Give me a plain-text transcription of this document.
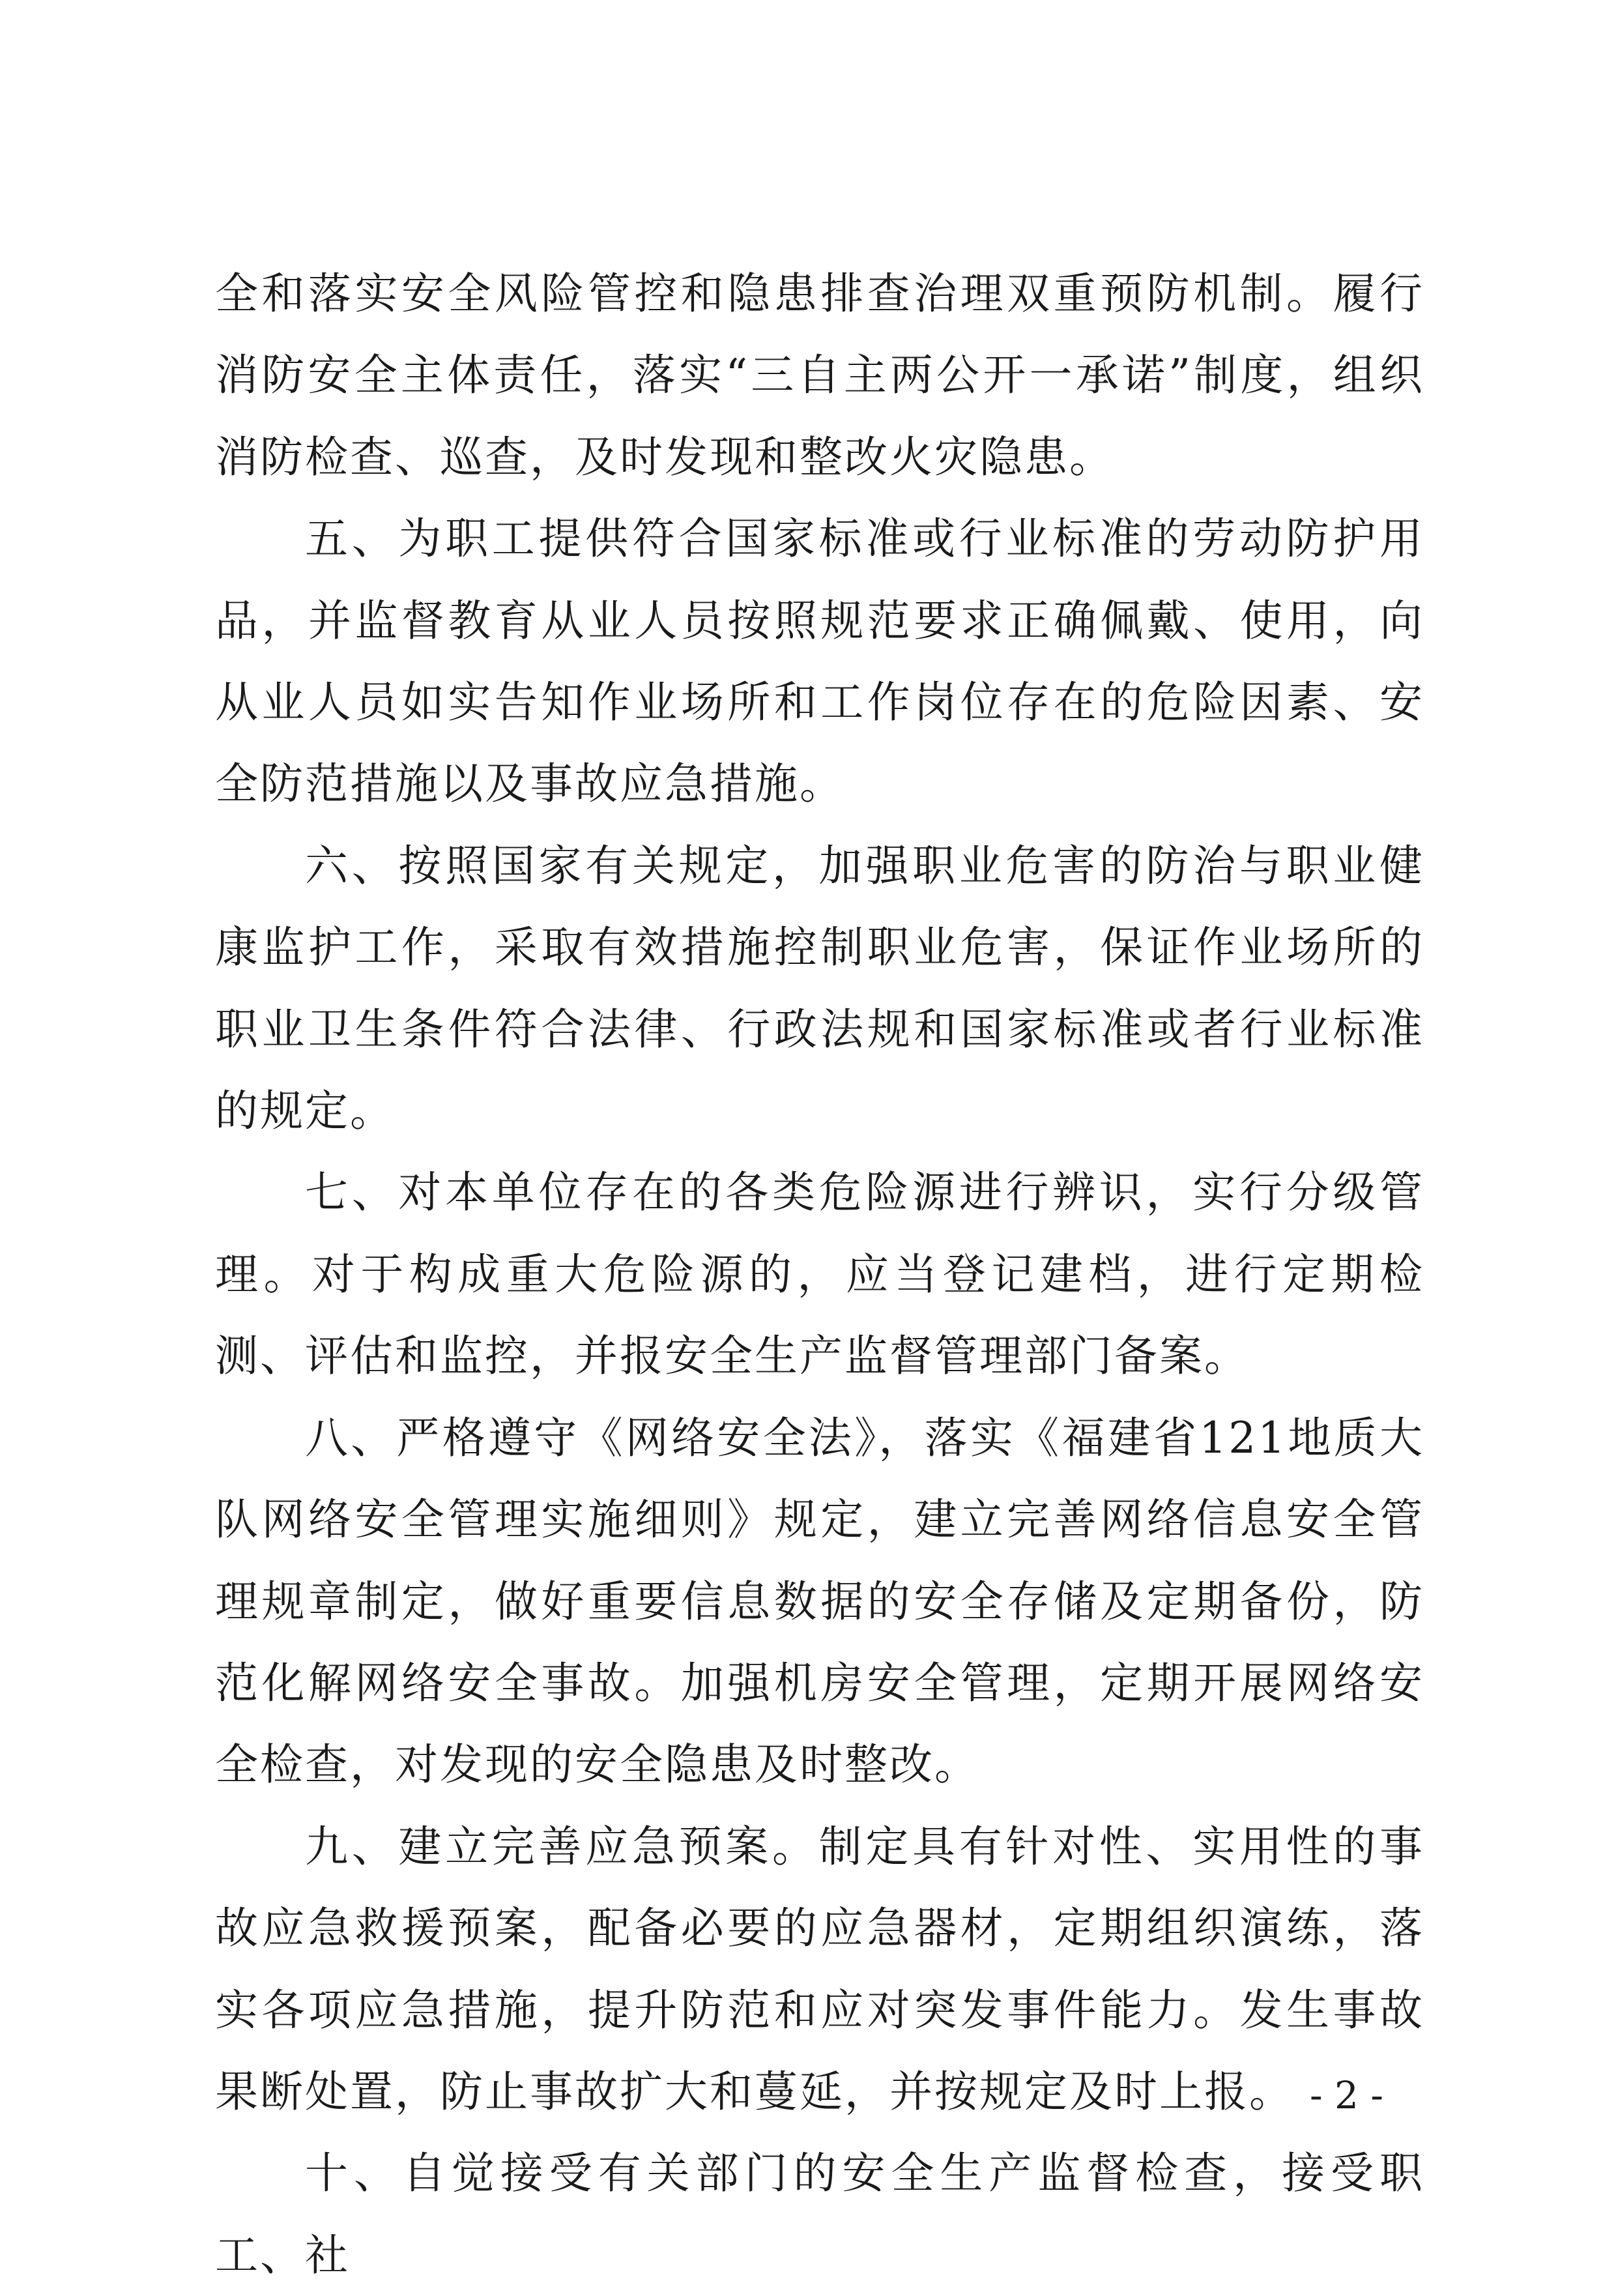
全和落实安全风险管控和隐患排查治理双重预防机制。履行消防安全主体责任，落实“三自主两公开一承诺”制度，组织消防检查、巡查，及时发现和整改火灾隐患。

五、为职工提供符合国家标准或行业标准的劳动防护用品，并监督教育从业人员按照规范要求正确佩戴、使用，向从业人员如实告知作业场所和工作岗位存在的危险因素、安全防范措施以及事故应急措施。

六、按照国家有关规定，加强职业危害的防治与职业健康监护工作，采取有效措施控制职业危害，保证作业场所的职业卫生条件符合法律、行政法规和国家标准或者行业标准的规定。

七、对本单位存在的各类危险源进行辨识，实行分级管理。对于构成重大危险源的，应当登记建档，进行定期检测、评估和监控，并报安全生产监督管理部门备案。

八、严格遵守《网络安全法》，落实《福建省121地质大队网络安全管理实施细则》规定，建立完善网络信息安全管理规章制定，做好重要信息数据的安全存储及定期备份，防范化解网络安全事故。加强机房安全管理，定期开展网络安全检查，对发现的安全隐患及时整改。

九、建立完善应急预案。制定具有针对性、实用性的事故应急救援预案，配备必要的应急器材，定期组织演练，落实各项应急措施，提升防范和应对突发事件能力。发生事故果断处置，防止事故扩大和蔓延，并按规定及时上报。

十、自觉接受有关部门的安全生产监督检查，接受职工、社

- 2 -
